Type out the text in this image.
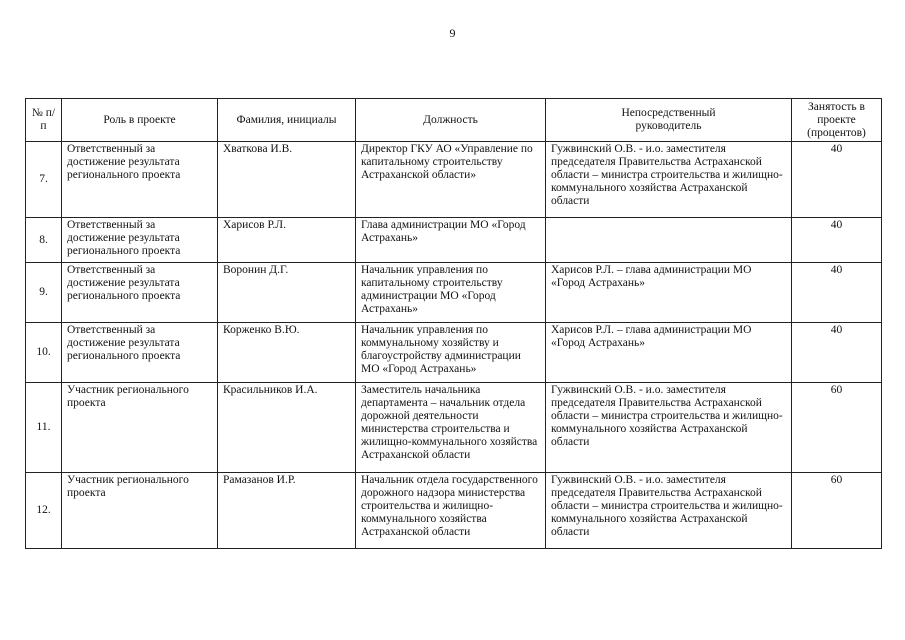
9
№ п/п	Роль в проекте	Фамилия, инициалы	Должность	Непосредственный руководитель	Занятость в проекте (процентов)
7.	Ответственный за достижение результата регионального проекта	Хваткова И.В.	Директор ГКУ АО «Управление по капитальному строительству Астраханской области»	Гужвинский О.В. - и.о. заместителя председателя Правительства Астраханской области – министра строительства и жилищно-коммунального хозяйства Астраханской области	40
8.	Ответственный за достижение результата регионального проекта	Харисов Р.Л.	Глава администрации МО «Город Астрахань»		40
9.	Ответственный за достижение результата регионального проекта	Воронин Д.Г.	Начальник управления по капитальному строительству администрации МО «Город Астрахань»	Харисов Р.Л. – глава администрации МО «Город Астрахань»	40
10.	Ответственный за достижение результата регионального проекта	Корженко В.Ю.	Начальник управления по коммунальному хозяйству и благоустройству администрации МО «Город Астрахань»	Харисов Р.Л. – глава администрации МО «Город Астрахань»	40
11.	Участник регионального проекта	Красильников И.А.	Заместитель начальника департамента – начальник отдела дорожной деятельности министерства строительства и жилищно-коммунального хозяйства Астраханской области	Гужвинский О.В. - и.о. заместителя председателя Правительства Астраханской области – министра строительства и жилищно-коммунального хозяйства Астраханской области	60
12.	Участник регионального проекта	Рамазанов И.Р.	Начальник отдела государственного дорожного надзора министерства строительства и жилищно-коммунального хозяйства Астраханской области	Гужвинский О.В. - и.о. заместителя председателя Правительства Астраханской области – министра строительства и жилищно-коммунального хозяйства Астраханской области	60
